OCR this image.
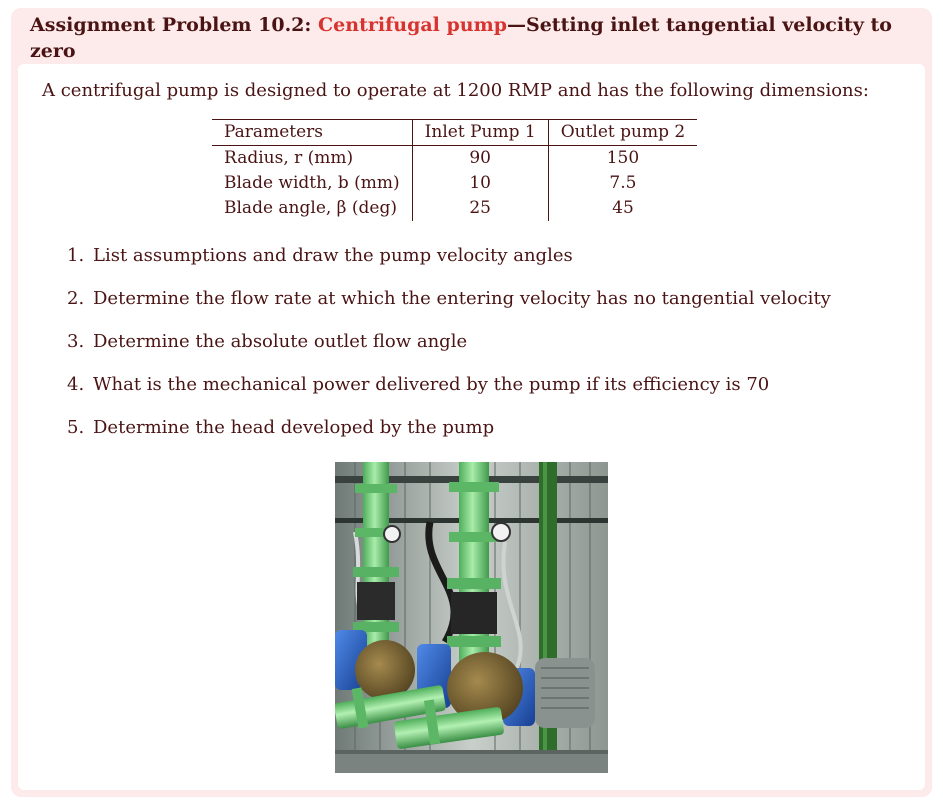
Assignment Problem 10.2: Centrifugal pump—Setting inlet tangential velocity to zero
A centrifugal pump is designed to operate at 1200 RMP and has the following dimensions:
Parameters	Inlet Pump 1	Outlet pump 2
Radius, r (mm)	90	150
Blade width, b (mm)	10	7.5
Blade angle, β (deg)	25	45
1. List assumptions and draw the pump velocity angles
2. Determine the flow rate at which the entering velocity has no tangential velocity
3. Determine the absolute outlet flow angle
4. What is the mechanical power delivered by the pump if its efficiency is 70
5. Determine the head developed by the pump
